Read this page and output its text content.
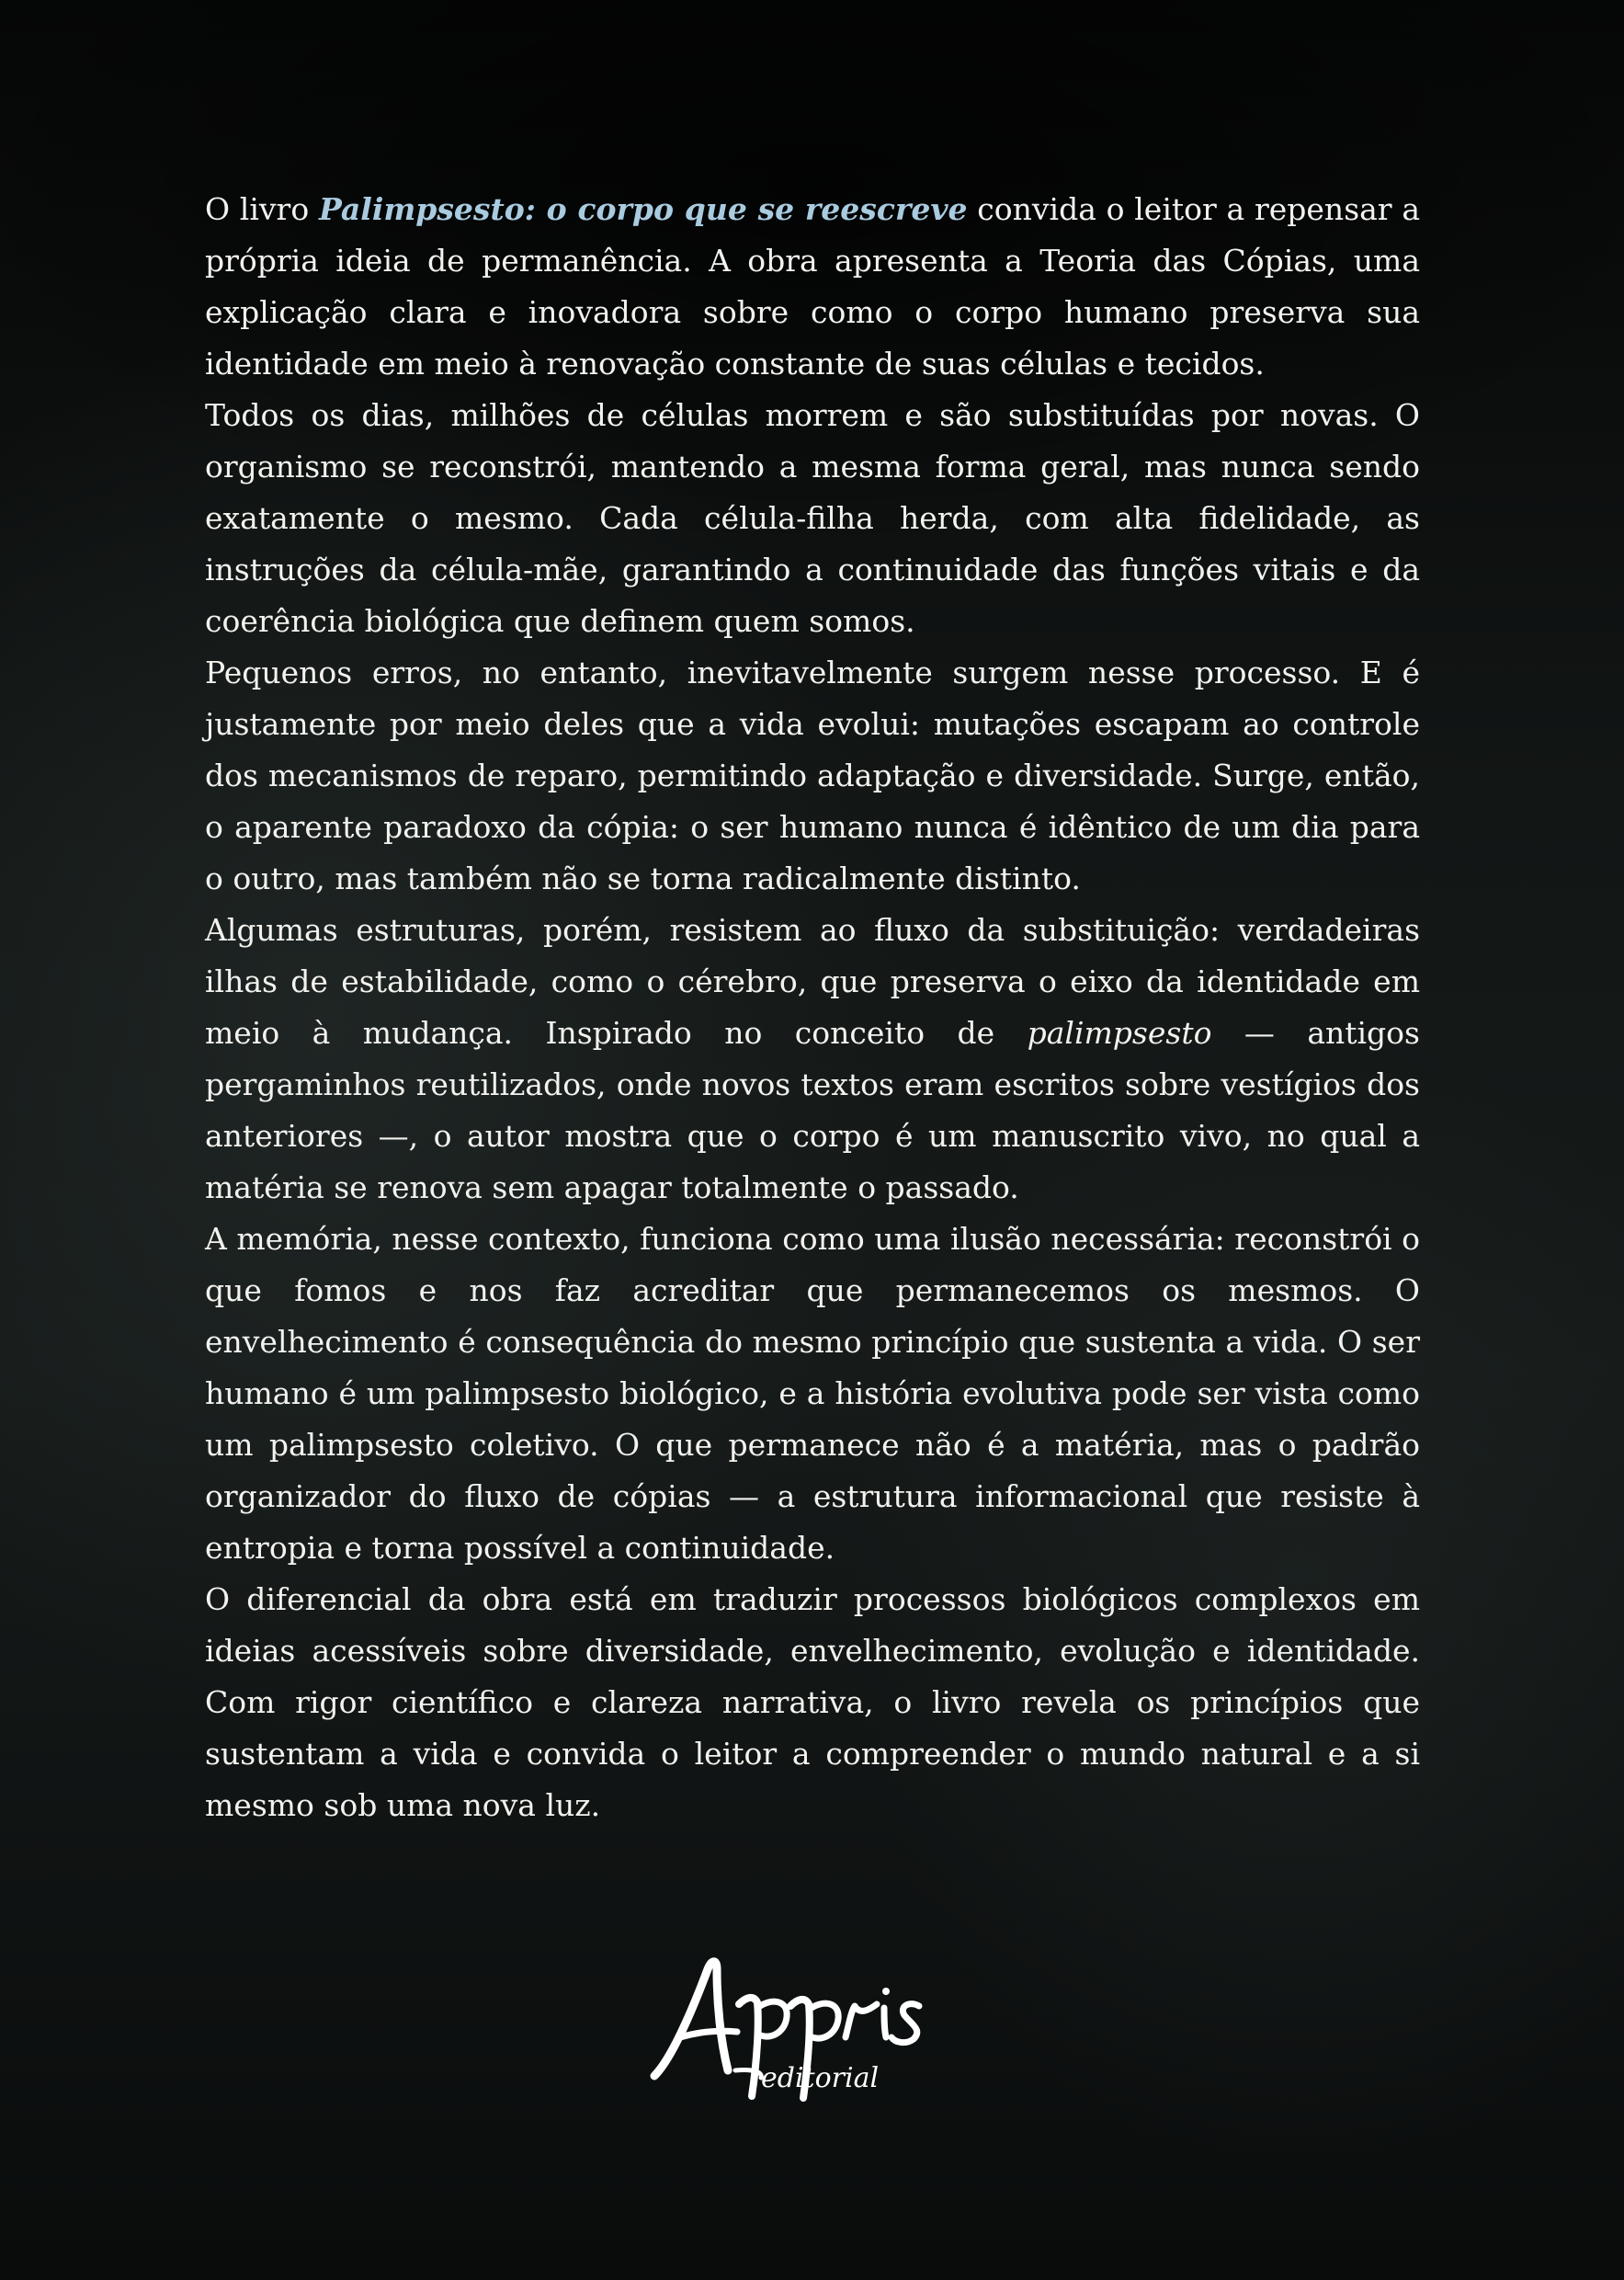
O livro Palimpsesto: o corpo que se reescreve convida o leitor a repensar a própria ideia de permanência. A obra apresenta a Teoria das Cópias, uma explicação clara e inovadora sobre como o corpo humano preserva sua identidade em meio à renovação constante de suas células e tecidos.

Todos os dias, milhões de células morrem e são substituídas por novas. O organismo se reconstrói, mantendo a mesma forma geral, mas nunca sendo exatamente o mesmo. Cada célula-filha herda, com alta fidelidade, as instruções da célula-mãe, garantindo a continuidade das funções vitais e da coerência biológica que definem quem somos.

Pequenos erros, no entanto, inevitavelmente surgem nesse processo. E é justamente por meio deles que a vida evolui: mutações escapam ao controle dos mecanismos de reparo, permitindo adaptação e diversidade. Surge, então, o aparente paradoxo da cópia: o ser humano nunca é idêntico de um dia para o outro, mas também não se torna radicalmente distinto.

Algumas estruturas, porém, resistem ao fluxo da substituição: verdadeiras ilhas de estabilidade, como o cérebro, que preserva o eixo da identidade em meio à mudança. Inspirado no conceito de palimpsesto — antigos pergaminhos reutilizados, onde novos textos eram escritos sobre vestígios dos anteriores —, o autor mostra que o corpo é um manuscrito vivo, no qual a matéria se renova sem apagar totalmente o passado.

A memória, nesse contexto, funciona como uma ilusão necessária: reconstrói o que fomos e nos faz acreditar que permanecemos os mesmos. O envelhecimento é consequência do mesmo princípio que sustenta a vida. O ser humano é um palimpsesto biológico, e a história evolutiva pode ser vista como um palimpsesto coletivo. O que permanece não é a matéria, mas o padrão organizador do fluxo de cópias — a estrutura informacional que resiste à entropia e torna possível a continuidade.

O diferencial da obra está em traduzir processos biológicos complexos em ideias acessíveis sobre diversidade, envelhecimento, evolução e identidade. Com rigor científico e clareza narrativa, o livro revela os princípios que sustentam a vida e convida o leitor a compreender o mundo natural e a si mesmo sob uma nova luz.

editorial
